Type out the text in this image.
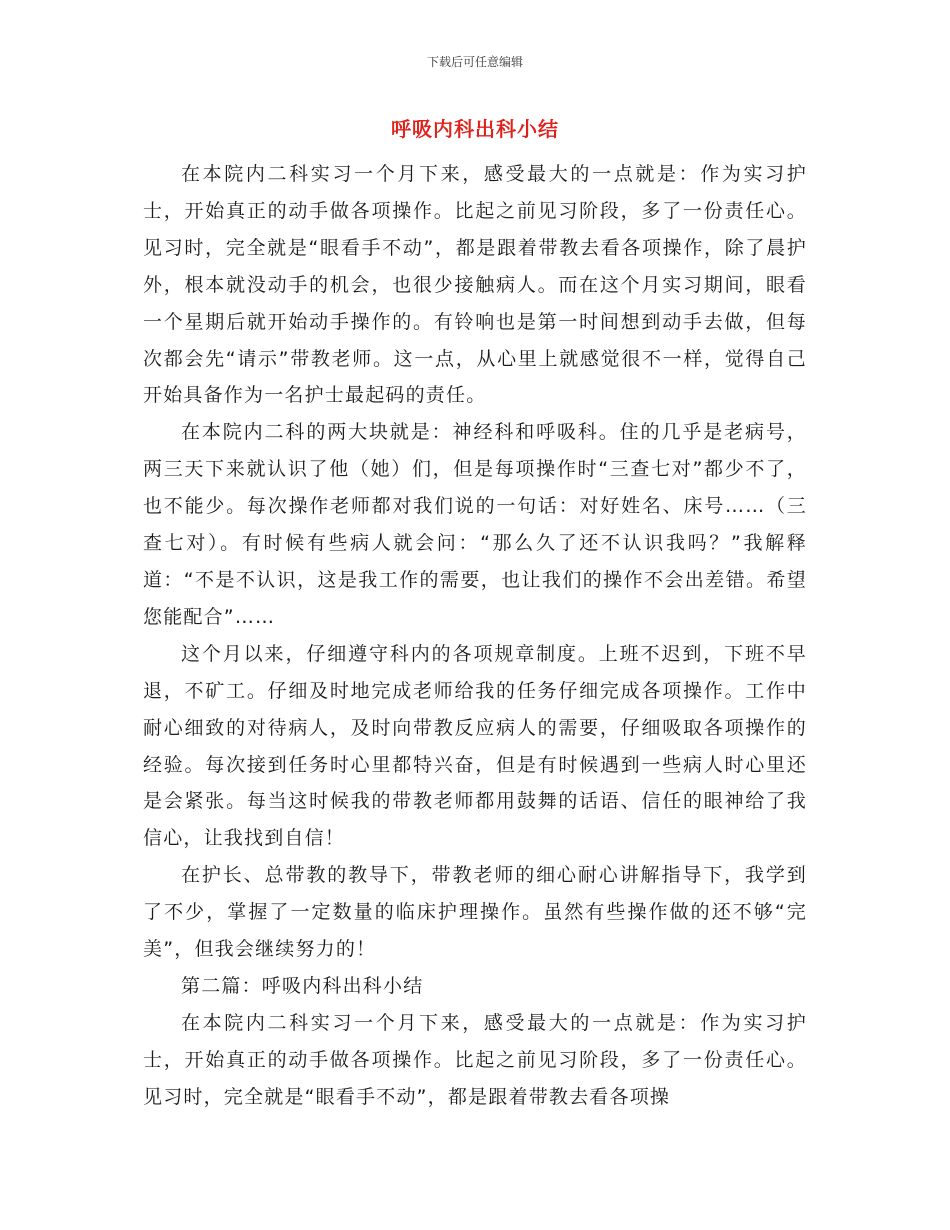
下载后可任意编辑
呼吸内科出科小结

在本院内二科实习一个月下来，感受最大的一点就是：作为实习护士，开始真正的动手做各项操作。比起之前见习阶段，多了一份责任心。见习时，完全就是“眼看手不动”，都是跟着带教去看各项操作，除了晨护外，根本就没动手的机会，也很少接触病人。而在这个月实习期间，眼看一个星期后就开始动手操作的。有铃响也是第一时间想到动手去做，但每次都会先“请示”带教老师。这一点，从心里上就感觉很不一样，觉得自己开始具备作为一名护士最起码的责任。

在本院内二科的两大块就是：神经科和呼吸科。住的几乎是老病号，两三天下来就认识了他（她）们，但是每项操作时“三查七对”都少不了，也不能少。每次操作老师都对我们说的一句话：对好姓名、床号……（三查七对）。有时候有些病人就会问：“那么久了还不认识我吗？”我解释道：“不是不认识，这是我工作的需要，也让我们的操作不会出差错。希望您能配合”……

这个月以来，仔细遵守科内的各项规章制度。上班不迟到，下班不早退，不矿工。仔细及时地完成老师给我的任务仔细完成各项操作。工作中耐心细致的对待病人，及时向带教反应病人的需要，仔细吸取各项操作的经验。每次接到任务时心里都特兴奋，但是有时候遇到一些病人时心里还是会紧张。每当这时候我的带教老师都用鼓舞的话语、信任的眼神给了我信心，让我找到自信！

在护长、总带教的教导下，带教老师的细心耐心讲解指导下，我学到了不少，掌握了一定数量的临床护理操作。虽然有些操作做的还不够“完美”，但我会继续努力的！

第二篇：呼吸内科出科小结

在本院内二科实习一个月下来，感受最大的一点就是：作为实习护士，开始真正的动手做各项操作。比起之前见习阶段，多了一份责任心。见习时，完全就是“眼看手不动”，都是跟着带教去看各项操
